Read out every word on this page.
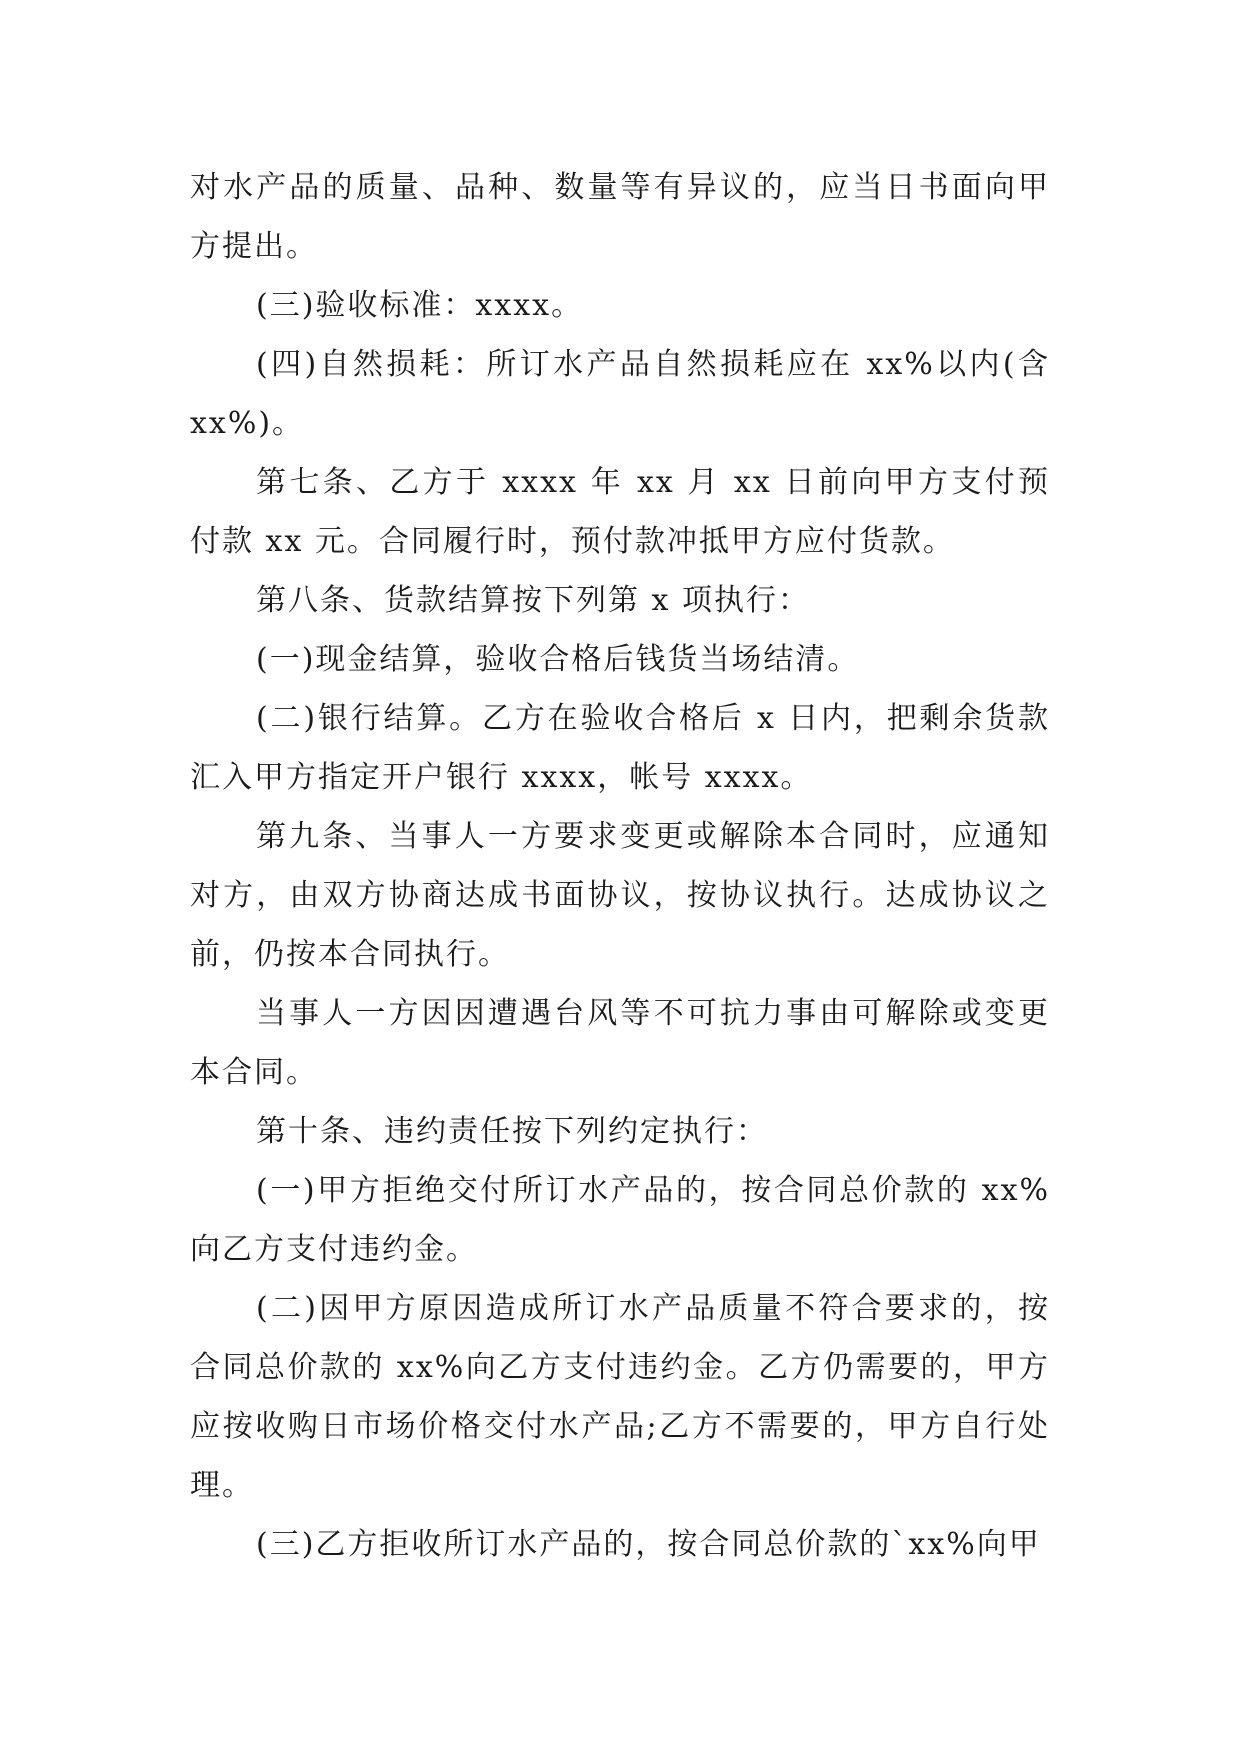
对水产品的质量、品种、数量等有异议的，应当日书面向甲方提出。

(三)验收标准：xxxx。

(四)自然损耗：所订水产品自然损耗应在 xx%以内(含 xx%)。

第七条、乙方于 xxxx 年 xx 月 xx 日前向甲方支付预付款 xx 元。合同履行时，预付款冲抵甲方应付货款。

第八条、货款结算按下列第 x 项执行：

(一)现金结算，验收合格后钱货当场结清。

(二)银行结算。乙方在验收合格后 x 日内，把剩余货款汇入甲方指定开户银行 xxxx，帐号 xxxx。

第九条、当事人一方要求变更或解除本合同时，应通知对方，由双方协商达成书面协议，按协议执行。达成协议之前，仍按本合同执行。

当事人一方因因遭遇台风等不可抗力事由可解除或变更本合同。

第十条、违约责任按下列约定执行：

(一)甲方拒绝交付所订水产品的，按合同总价款的 xx%向乙方支付违约金。

(二)因甲方原因造成所订水产品质量不符合要求的，按合同总价款的 xx%向乙方支付违约金。乙方仍需要的，甲方应按收购日市场价格交付水产品;乙方不需要的，甲方自行处理。

(三)乙方拒收所订水产品的，按合同总价款的`xx%向甲
